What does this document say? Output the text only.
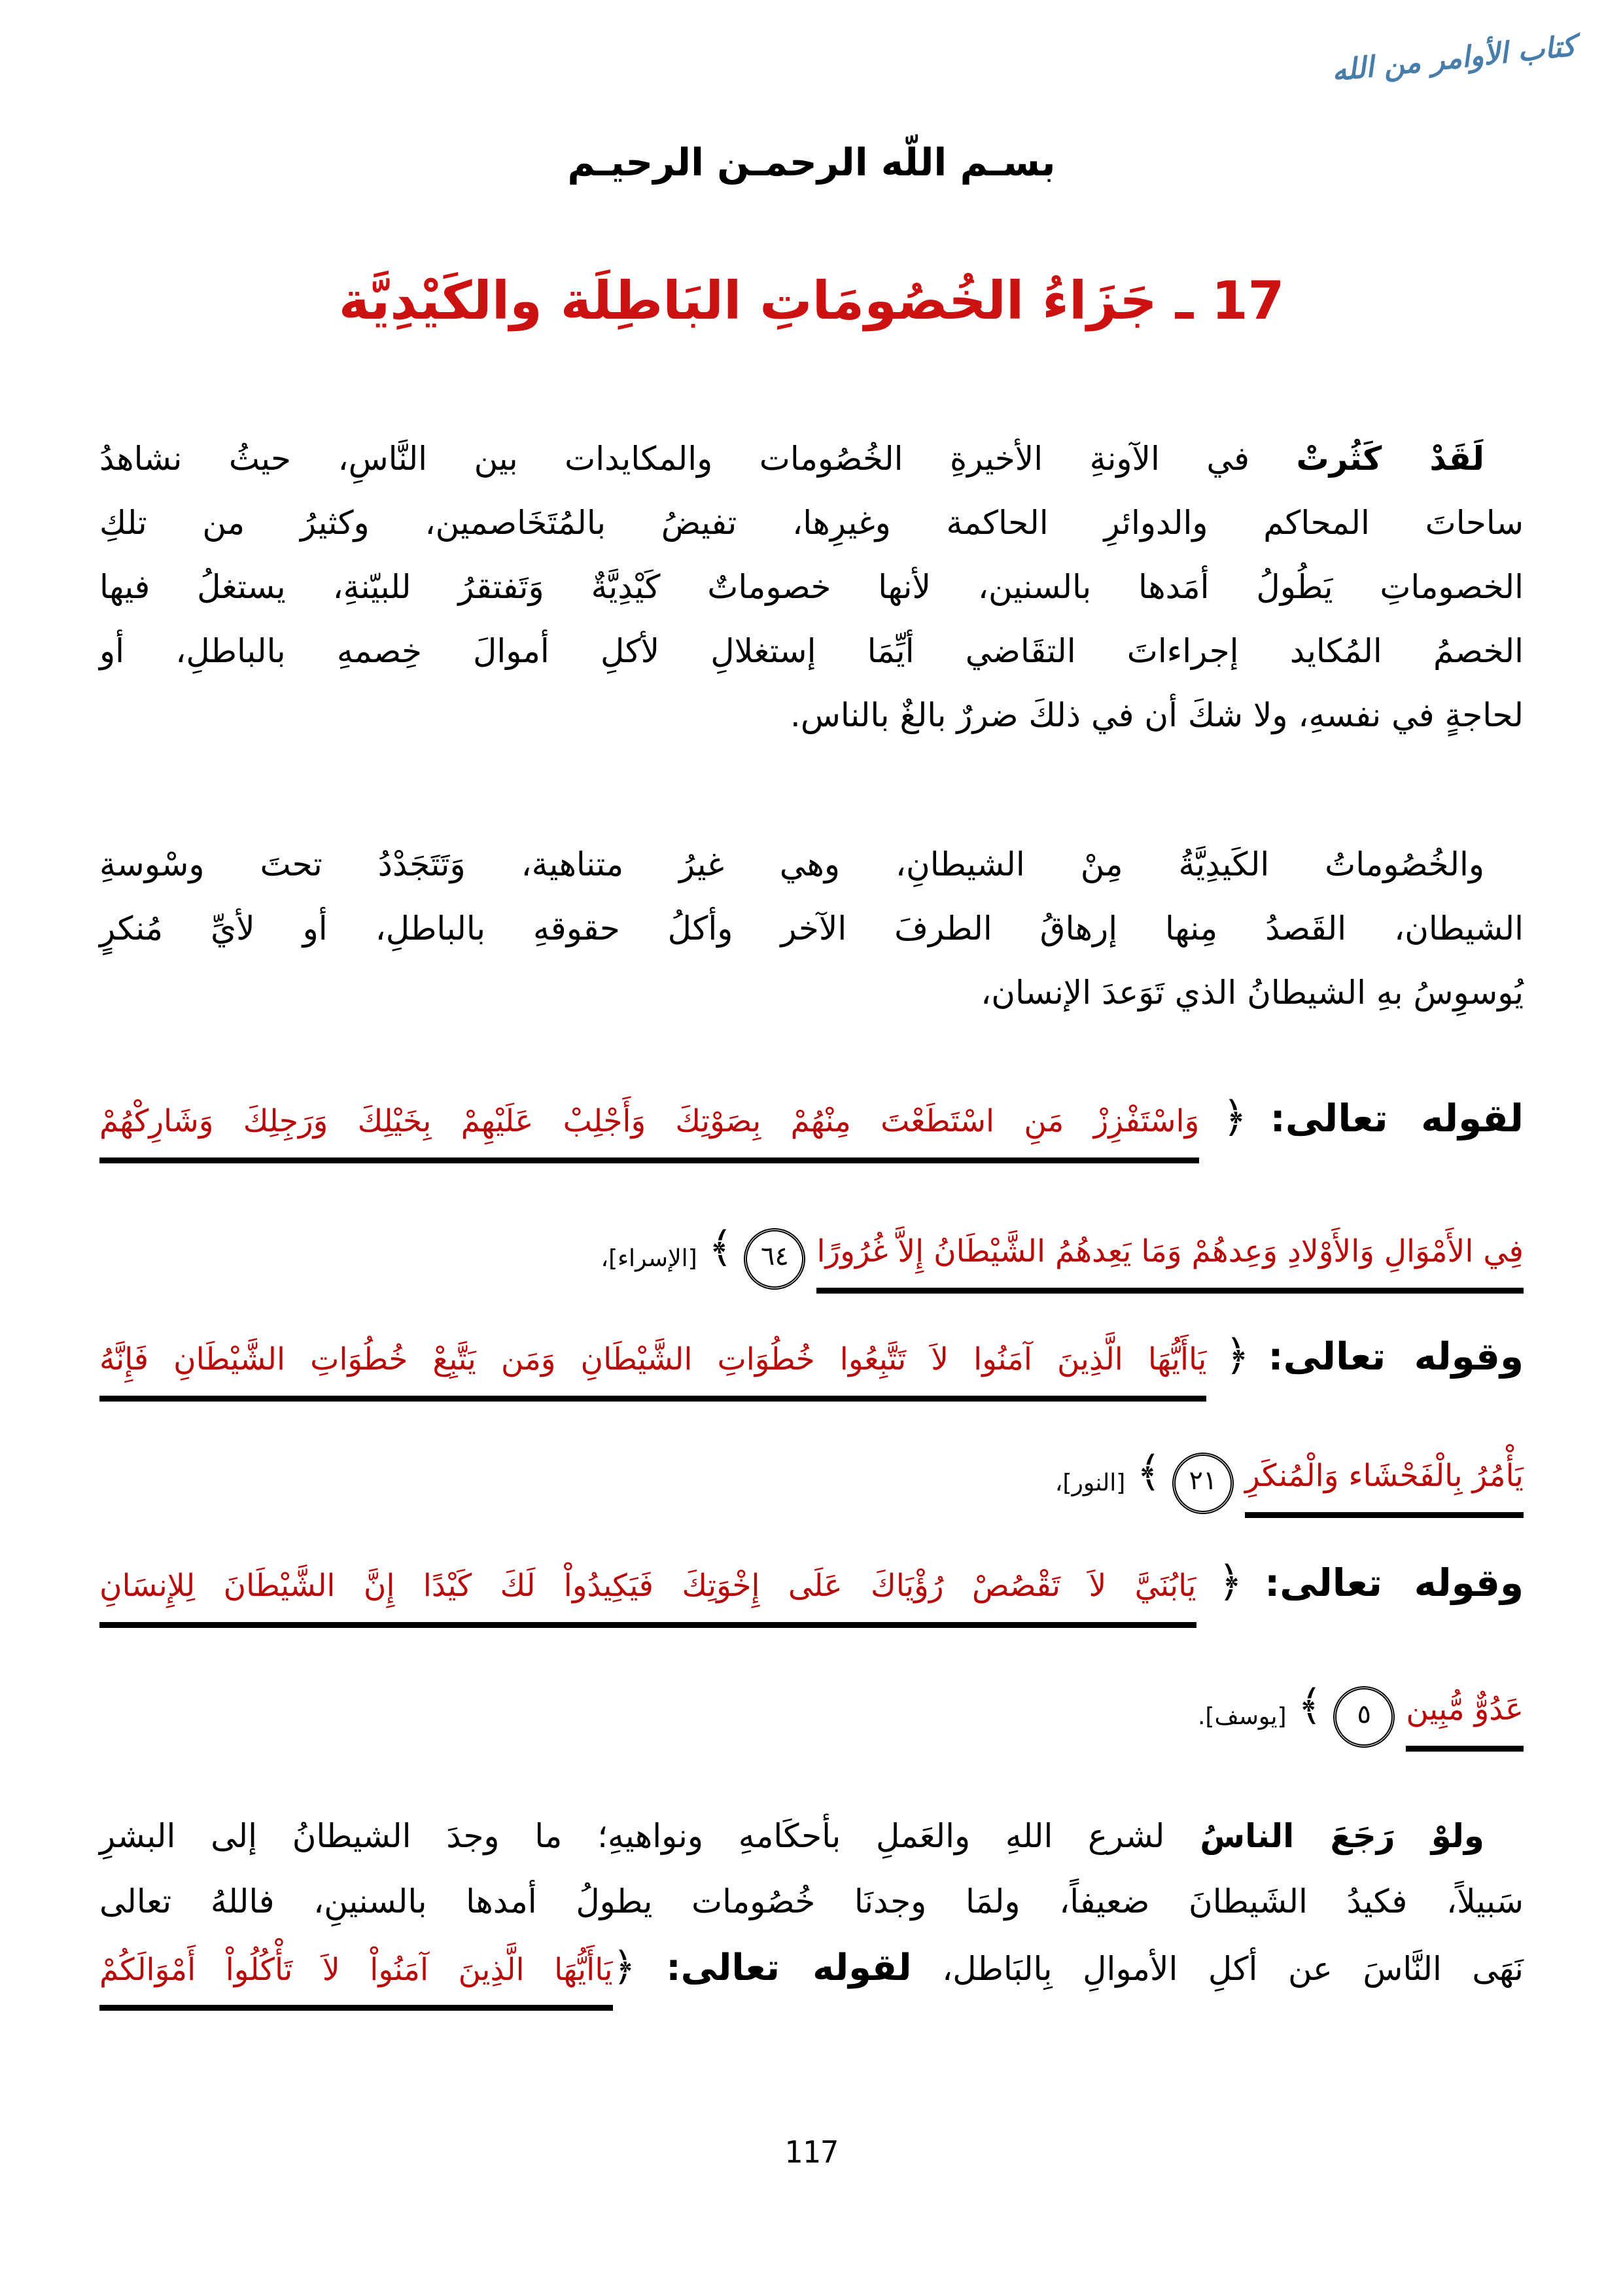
كتاب الأوامر من الله
بسـم اللّه الرحمـن الرحيـم
17 ـ جَزَاءُ الخُصُومَاتِ البَاطِلَة والكَيْدِيَّة
لَقَدْ كَثُرتْ في الآونةِ الأخيرةِ الخُصُومات والمكايدات بين النَّاسِ، حيثُ نشاهدُ
ساحاتَ المحاكم والدوائرِ الحاكمة وغيرِها، تفيضُ بالمُتَخَاصمين، وكثيرُ من تلكِ
الخصوماتِ يَطُولُ أمَدها بالسنين، لأنها خصوماتٌ كَيْدِيَّةٌ وَتَفتقرُ للبيّنةِ، يستغلُ فيها
الخصمُ المُكايد إجراءاتَ التقَاضي أيِّمَا إستغلالِ لأكلِ أموالَ خِصمهِ بالباطلِ، أو
لحاجةٍ في نفسهِ، ولا شكَ أن في ذلكَ ضررٌ بالغٌ بالناس.
والخُصُوماتُ الكَيدِيَّةُ مِنْ الشيطانِ، وهي غيرُ متناهية، وَتَتَجَدْدُ تحتَ وسْوسةِ
الشيطان، القَصدُ مِنها إرهاقُ الطرفَ الآخر وأكلُ حقوقهِ بالباطلِ، أو لأيِّ مُنكرٍ
يُوسوِسُ بهِ الشيطانُ الذي تَوَعدَ الإنسان،
لقوله تعالى: ﴿ وَاسْتَفْزِزْ مَنِ اسْتَطَعْتَ مِنْهُمْ بِصَوْتِكَ وَأَجْلِبْ عَلَيْهِمْ بِخَيْلِكَ وَرَجِلِكَ وَشَارِكْهُمْ
فِي الأَمْوَالِ وَالأَوْلادِ وَعِدهُمْ وَمَا يَعِدهُمُ الشَّيْطَانُ إِلاَّ غُرُورًا ٦٤ ﴾ [الإسراء]،
وقوله تعالى: ﴿ يَاأَيُّهَا الَّذِينَ آمَنُوا لاَ تَتَّبِعُوا خُطُوَاتِ الشَّيْطَانِ وَمَن يَتَّبِعْ خُطُوَاتِ الشَّيْطَانِ فَإِنَّهُ
يَأْمُرُ بِالْفَحْشَاء وَالْمُنكَرِ ٢١ ﴾ [النور]،
وقوله تعالى: ﴿ يَابُنَيَّ لاَ تَقْصُصْ رُؤْيَاكَ عَلَى إِخْوَتِكَ فَيَكِيدُواْ لَكَ كَيْدًا إِنَّ الشَّيْطَانَ لِلإِنسَانِ
عَدُوٌّ مُّبِين ٥ ﴾ [يوسف].
ولوْ رَجَعَ الناسُ لشرع اللهِ والعَملِ بأحكَامهِ ونواهيهِ؛ ما وجدَ الشيطانُ إلى البشرِ
سَبيلاً، فكيدُ الشَيطانَ ضعيفاً، ولمَا وجدنَا خُصُومات يطولُ أمدها بالسنينِ، فاللهُ تعالى
نَهَى النَّاسَ عن أكلِ الأموالِ بِالبَاطل، لقوله تعالى: ﴿يَاأَيُّهَا الَّذِينَ آمَنُواْ لاَ تَأْكُلُواْ أَمْوَالَكُمْ
117
